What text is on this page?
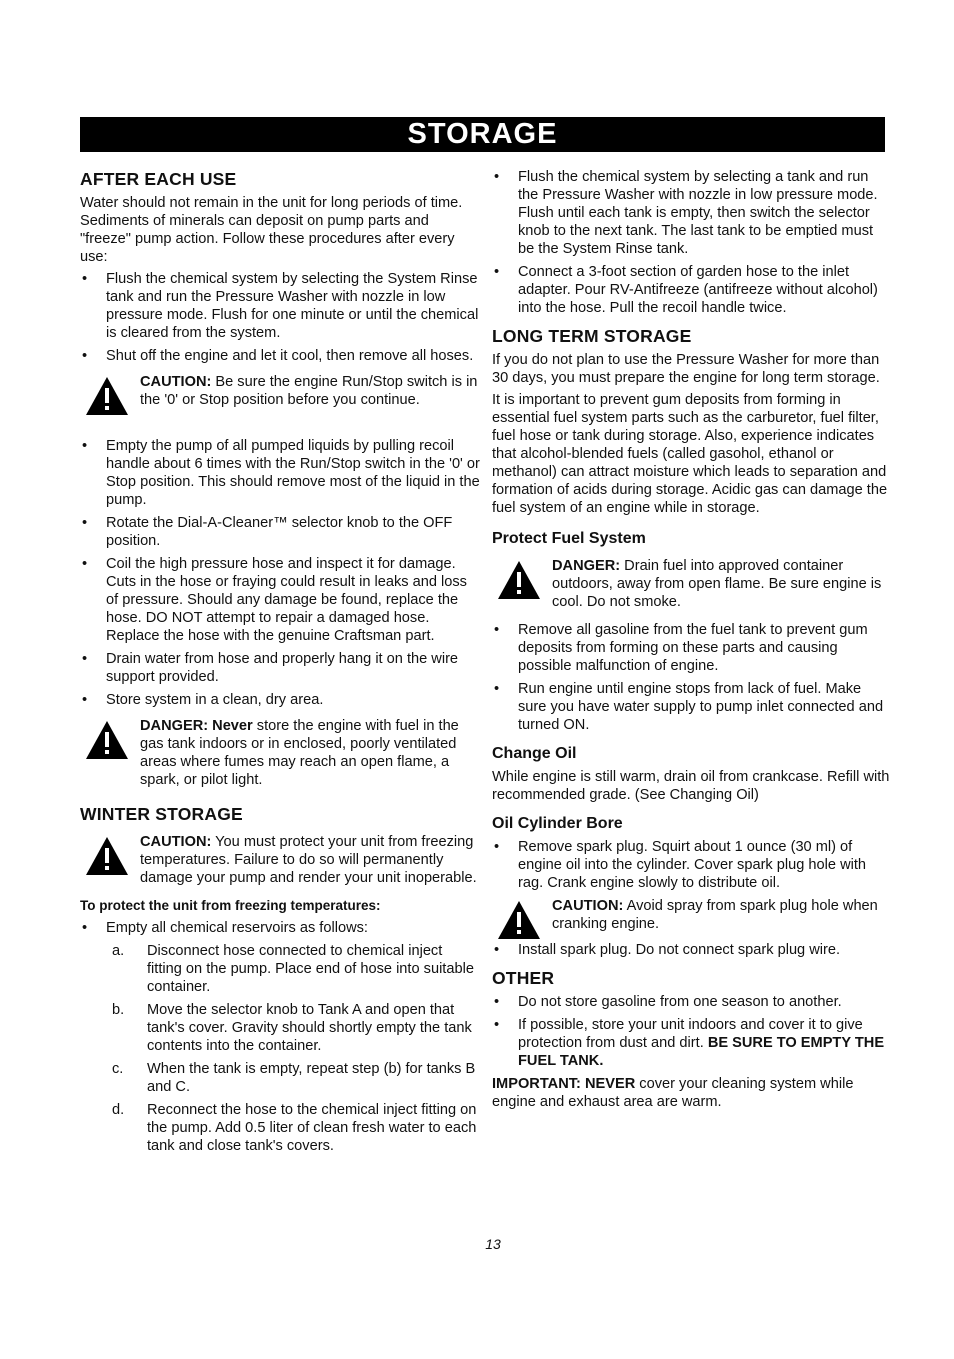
STORAGE
AFTER EACH USE

Water should not remain in the unit for long periods of time. Sediments of minerals can deposit on pump parts and "freeze" pump action. Follow these procedures after every use:

• Flush the chemical system by selecting the System Rinse tank and run the Pressure Washer with nozzle in low pressure mode. Flush for one minute or until the chemical is cleared from the system.
• Shut off the engine and let it cool, then remove all hoses.
CAUTION: Be sure the engine Run/Stop switch is in the '0' or Stop position before you continue.
• Empty the pump of all pumped liquids by pulling recoil handle about 6 times with the Run/Stop switch in the '0' or Stop position. This should remove most of the liquid in the pump.
• Rotate the Dial-A-Cleaner™ selector knob to the OFF position.
• Coil the high pressure hose and inspect it for damage. Cuts in the hose or fraying could result in leaks and loss of pressure. Should any damage be found, replace the hose. DO NOT attempt to repair a damaged hose. Replace the hose with the genuine Craftsman part.
• Drain water from hose and properly hang it on the wire support provided.
• Store system in a clean, dry area.
DANGER: Never store the engine with fuel in the gas tank indoors or in enclosed, poorly ventilated areas where fumes may reach an open flame, a spark, or pilot light.
WINTER STORAGE
CAUTION: You must protect your unit from freezing temperatures. Failure to do so will permanently damage your pump and render your unit inoperable.
To protect the unit from freezing temperatures:
• Empty all chemical reservoirs as follows:
a. Disconnect hose connected to chemical inject fitting on the pump. Place end of hose into suitable container.
b. Move the selector knob to Tank A and open that tank's cover. Gravity should shortly empty the tank contents into the container.
c. When the tank is empty, repeat step (b) for tanks B and C.
d. Reconnect the hose to the chemical inject fitting on the pump. Add 0.5 liter of clean fresh water to each tank and close tank's covers.
• Flush the chemical system by selecting a tank and run the Pressure Washer with nozzle in low pressure mode. Flush until each tank is empty, then switch the selector knob to the next tank. The last tank to be emptied must be the System Rinse tank.
• Connect a 3-foot section of garden hose to the inlet adapter. Pour RV-Antifreeze (antifreeze without alcohol) into the hose. Pull the recoil handle twice.
LONG TERM STORAGE

If you do not plan to use the Pressure Washer for more than 30 days, you must prepare the engine for long term storage.

It is important to prevent gum deposits from forming in essential fuel system parts such as the carburetor, fuel filter, fuel hose or tank during storage. Also, experience indicates that alcohol-blended fuels (called gasohol, ethanol or methanol) can attract moisture which leads to separation and formation of acids during storage. Acidic gas can damage the fuel system of an engine while in storage.

Protect Fuel System
DANGER: Drain fuel into approved container outdoors, away from open flame. Be sure engine is cool. Do not smoke.
• Remove all gasoline from the fuel tank to prevent gum deposits from forming on these parts and causing possible malfunction of engine.
• Run engine until engine stops from lack of fuel. Make sure you have water supply to pump inlet connected and turned ON.
Change Oil

While engine is still warm, drain oil from crankcase. Refill with recommended grade. (See Changing Oil)

Oil Cylinder Bore
• Remove spark plug. Squirt about 1 ounce (30 ml) of engine oil into the cylinder. Cover spark plug hole with rag. Crank engine slowly to distribute oil.
CAUTION: Avoid spray from spark plug hole when cranking engine.
• Install spark plug. Do not connect spark plug wire.
OTHER
• Do not store gasoline from one season to another.
• If possible, store your unit indoors and cover it to give protection from dust and dirt. BE SURE TO EMPTY THE FUEL TANK.

IMPORTANT: NEVER cover your cleaning system while engine and exhaust area are warm.

13
